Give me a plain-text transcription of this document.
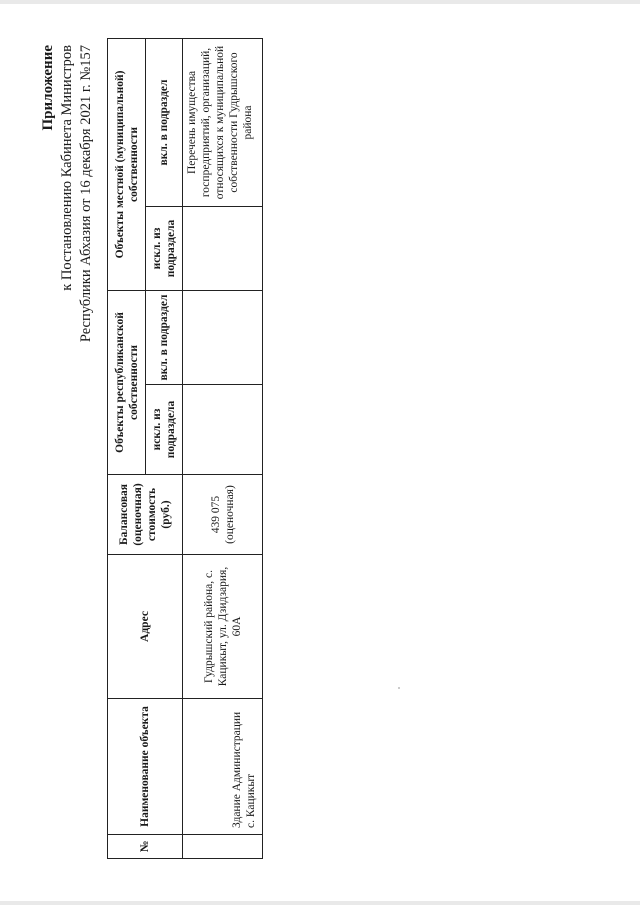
Приложение к Постановлению Кабинета Министров Республики Абхазия от 16 декабря 2021 г. №157
№	Наименование объекта	Адрес	Балансовая (оценочная) стоимость (руб.)	Объекты республиканской собственности		Объекты местной (муниципальной) собственности	
				искл. из подраздела	вкл. в подраздел	искл. из подраздела	вкл. в подраздел
	Здание Администрации с. Кацикыт	Гудрышский района, с. Кацикыт, ул. Дзидзария, 60А	439 075 (оценочная)				Перечень имущества госпредприятий, организаций, относящихся к муниципальной собственности Гудрышского района
